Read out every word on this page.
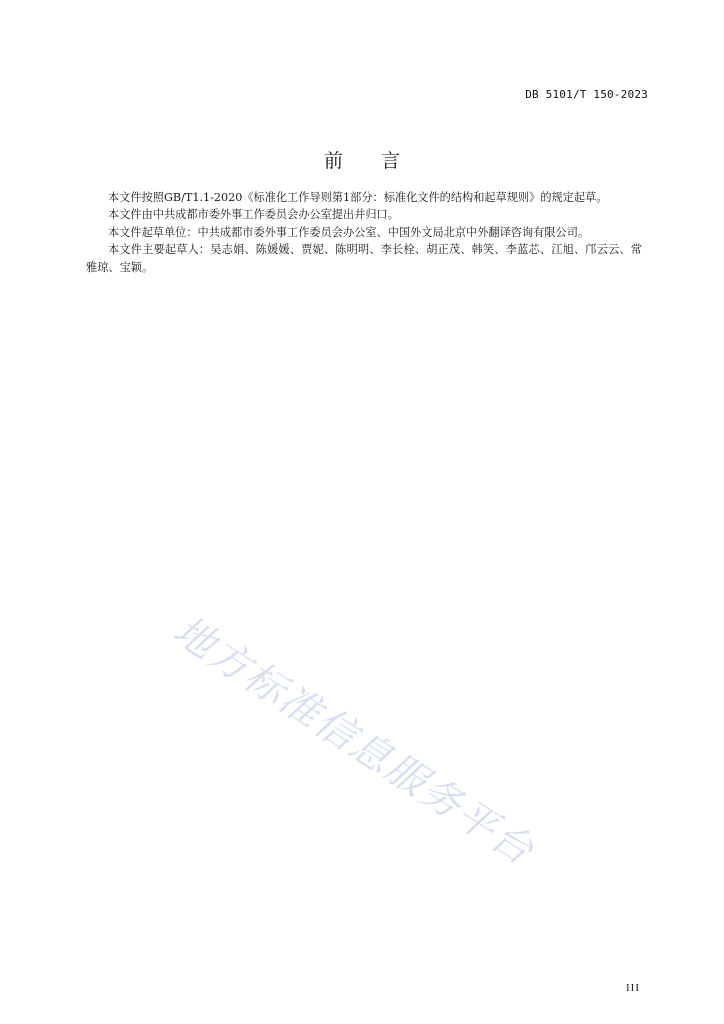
DB 5101/T 150-2023
前言

本文件按照GB/T1.1-2020《标准化工作导则第1部分：标准化文件的结构和起草规则》的规定起草。

本文件由中共成都市委外事工作委员会办公室提出并归口。

本文件起草单位：中共成都市委外事工作委员会办公室、中国外文局北京中外翻译咨询有限公司。

本文件主要起草人：吴志娟、陈媛媛、贾妮、陈明明、李长栓、胡正茂、韩笑、李蓝芯、江旭、邝云云、常雅琼、宝颖。

地方标准信息服务平台
III
